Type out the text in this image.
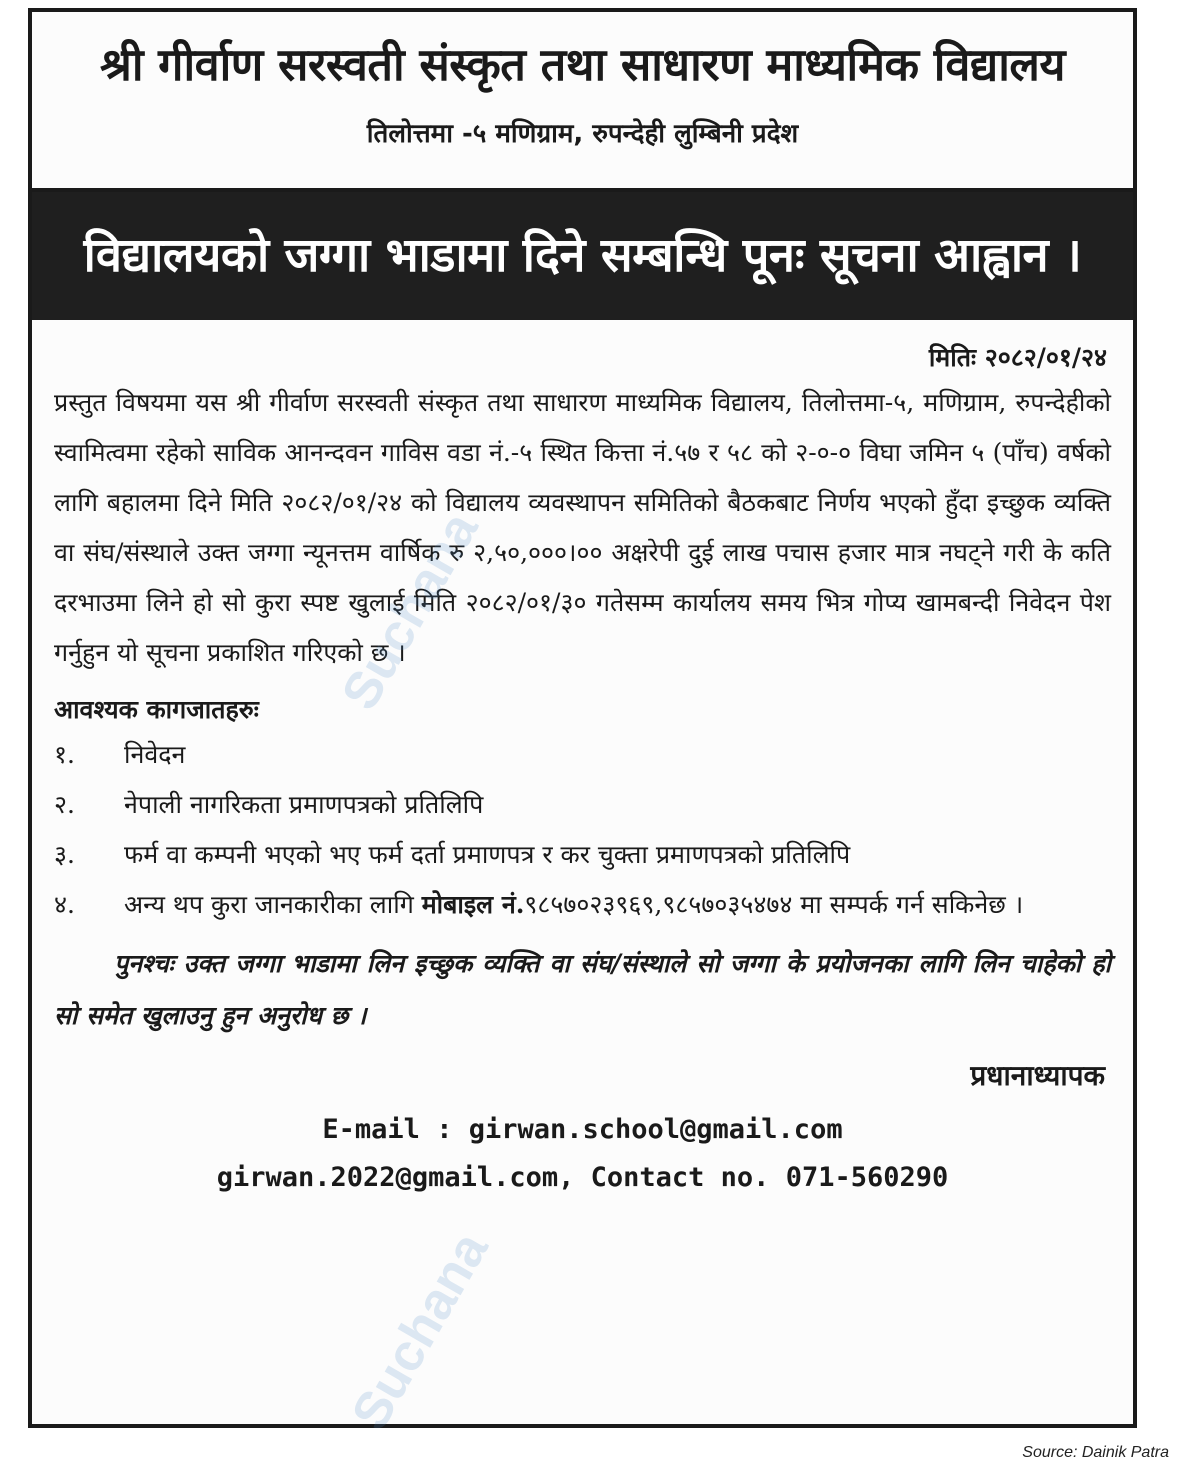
श्री गीर्वाण सरस्वती संस्कृत तथा साधारण माध्यमिक विद्यालय
तिलोत्तमा -५ मणिग्राम, रुपन्देही लुम्बिनी प्रदेश
विद्यालयको जग्गा भाडामा दिने सम्बन्धि पूनः सूचना आह्वान ।
मितिः २०८२/०१/२४
प्रस्तुत विषयमा यस श्री गीर्वाण सरस्वती संस्कृत तथा साधारण माध्यमिक विद्यालय, तिलोत्तमा-५, मणिग्राम, रुपन्देहीको स्वामित्वमा रहेको साविक आनन्दवन गाविस वडा नं.-५ स्थित कित्ता नं.५७ र ५८ को २-०-० विघा जमिन ५ (पाँच) वर्षको लागि बहालमा दिने मिति २०८२/०१/२४ को विद्यालय व्यवस्थापन समितिको बैठकबाट निर्णय भएको हुँदा इच्छुक व्यक्ति वा संघ/संस्थाले उक्त जग्गा न्यूनत्तम वार्षिक रु २,५०,०००।०० अक्षरेपी दुई लाख पचास हजार मात्र नघट्ने गरी के कति दरभाउमा लिने हो सो कुरा स्पष्ट खुलाई मिति २०८२/०१/३० गतेसम्म कार्यालय समय भित्र गोप्य खामबन्दी निवेदन पेश गर्नुहुन यो सूचना प्रकाशित गरिएको छ ।
आवश्यक कागजातहरुः
१.	निवेदन
२.	नेपाली नागरिकता प्रमाणपत्रको प्रतिलिपि
३.	फर्म वा कम्पनी भएको भए फर्म दर्ता प्रमाणपत्र र कर चुक्ता प्रमाणपत्रको प्रतिलिपि
४.	अन्य थप कुरा जानकारीका लागि मोबाइल नं.९८५७०२३९६९,९८५७०३५४७४ मा सम्पर्क गर्न सकिनेछ ।
पुनश्चः उक्त जग्गा भाडामा लिन इच्छुक व्यक्ति वा संघ/संस्थाले सो जग्गा के प्रयोजनका लागि लिन चाहेको हो सो समेत खुलाउनु हुन अनुरोध छ ।
प्रधानाध्यापक
E-mail : girwan.school@gmail.com
girwan.2022@gmail.com, Contact no. 071-560290
Source: Dainik Patra
